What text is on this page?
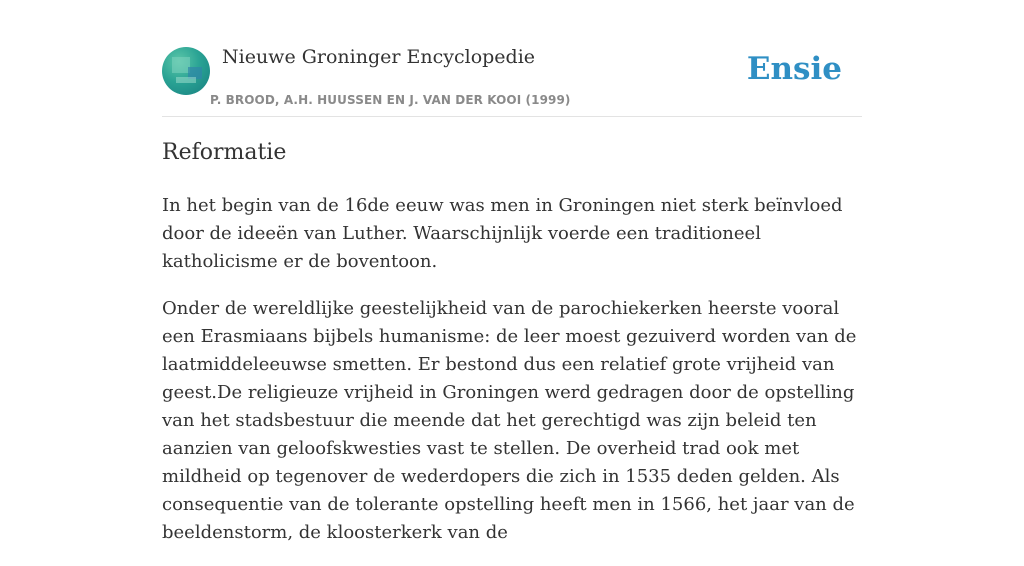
Nieuwe Groninger Encyclopedie
P. BROOD, A.H. HUUSSEN EN J. VAN DER KOOI (1999)
Ensie
Reformatie

In het begin van de 16de eeuw was men in Groningen niet sterk beïnvloed door de ideeën van Luther. Waarschijnlijk voerde een traditioneel katholicisme er de boventoon.

Onder de wereldlijke geestelijkheid van de parochiekerken heerste vooral een Erasmiaans bijbels humanisme: de leer moest gezuiverd worden van de laatmiddeleeuwse smetten. Er bestond dus een relatief grote vrijheid van geest.De religieuze vrijheid in Groningen werd gedragen door de opstelling van het stadsbestuur die meende dat het gerechtigd was zijn beleid ten aanzien van geloofskwesties vast te stellen. De overheid trad ook met mildheid op tegenover de wederdopers die zich in 1535 deden gelden. Als consequentie van de tolerante opstelling heeft men in 1566, het jaar van de beeldenstorm, de kloosterkerk van de
